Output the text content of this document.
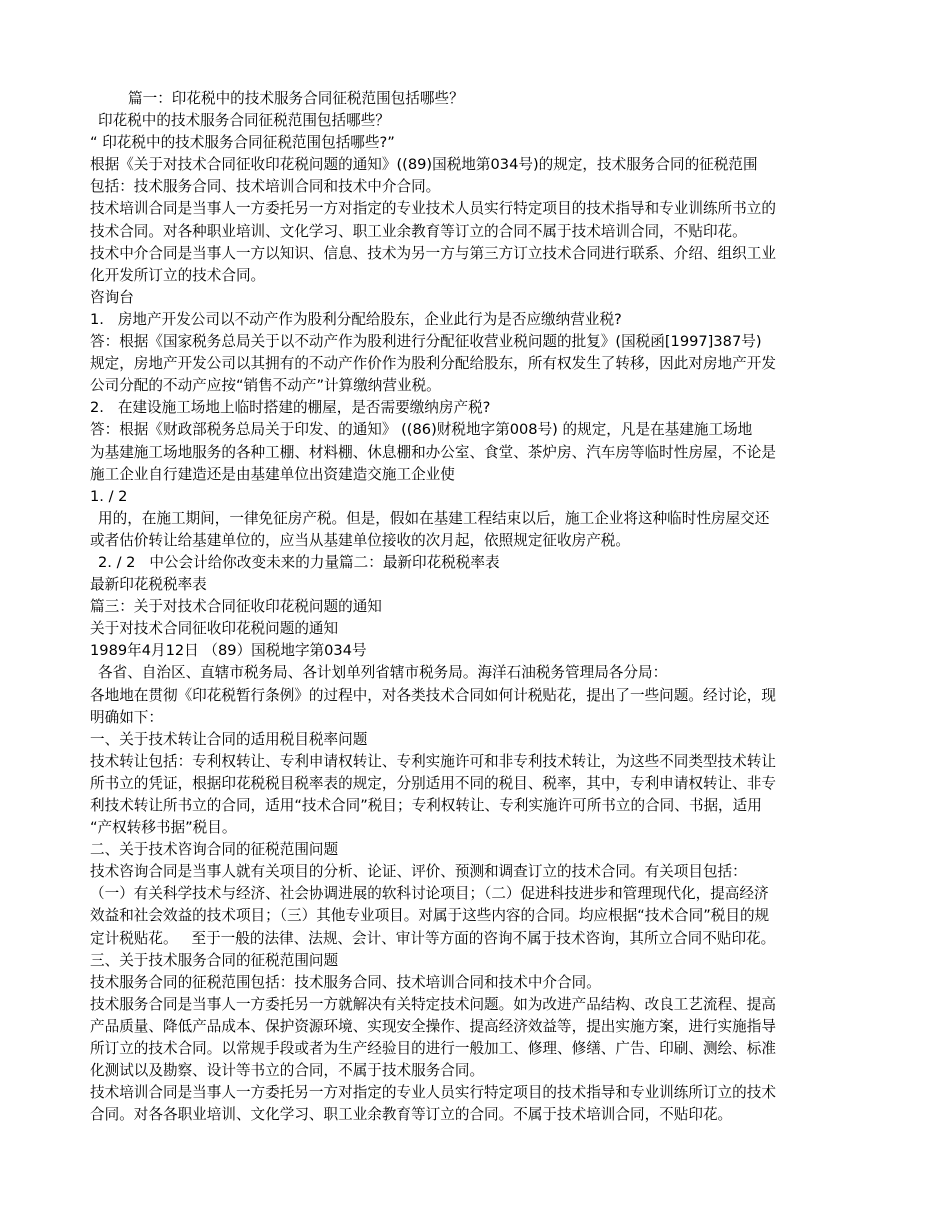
篇一：印花税中的技术服务合同征税范围包括哪些？
印花税中的技术服务合同征税范围包括哪些？
“ 印花税中的技术服务合同征税范围包括哪些?”
根据《关于对技术合同征收印花税问题的通知》((89)国税地第034号)的规定，技术服务合同的征税范围
包括：技术服务合同、技术培训合同和技术中介合同。
技术培训合同是当事人一方委托另一方对指定的专业技术人员实行特定项目的技术指导和专业训练所书立的
技术合同。对各种职业培训、文化学习、职工业余教育等订立的合同不属于技术培训合同，不贴印花。
技术中介合同是当事人一方以知识、信息、技术为另一方与第三方订立技术合同进行联系、介绍、组织工业
化开发所订立的技术合同。
咨询台
1.   房地产开发公司以不动产作为股利分配给股东，企业此行为是否应缴纳营业税?
答：根据《国家税务总局关于以不动产作为股利进行分配征收营业税问题的批复》(国税函[1997]387号)
规定，房地产开发公司以其拥有的不动产作价作为股利分配给股东，所有权发生了转移，因此对房地产开发
公司分配的不动产应按“销售不动产”计算缴纳营业税。
2.   在建设施工场地上临时搭建的棚屋，是否需要缴纳房产税?
答：根据《财政部税务总局关于印发、的通知》 ((86)财税地字第008号) 的规定，凡是在基建施工场地
为基建施工场地服务的各种工棚、材料棚、休息棚和办公室、食堂、茶炉房、汽车房等临时性房屋，不论是
施工企业自行建造还是由基建单位出资建造交施工企业使
1. / 2
用的，在施工期间，一律免征房产税。但是，假如在基建工程结束以后，施工企业将这种临时性房屋交还
或者估价转让给基建单位的，应当从基建单位接收的次月起，依照规定征收房产税。
2. / 2   中公会计给你改变未来的力量篇二：最新印花税税率表
最新印花税税率表
篇三：关于对技术合同征收印花税问题的通知
关于对技术合同征收印花税问题的通知
1989年4月12日 （89）国税地字第034号
各省、自治区、直辖市税务局、各计划单列省辖市税务局。海洋石油税务管理局各分局：
各地地在贯彻《印花税暂行条例》的过程中，对各类技术合同如何计税贴花，提出了一些问题。经讨论，现
明确如下：
一、关于技术转让合同的适用税目税率问题
技术转让包括：专利权转让、专利申请权转让、专利实施许可和非专利技术转让，为这些不同类型技术转让
所书立的凭证，根据印花税税目税率表的规定，分别适用不同的税目、税率，其中，专利申请权转让、非专
利技术转让所书立的合同，适用“技术合同”税目；专利权转让、专利实施许可所书立的合同、书据，适用
“产权转移书据”税目。
二、关于技术咨询合同的征税范围问题
技术咨询合同是当事人就有关项目的分析、论证、评价、预测和调查订立的技术合同。有关项目包括：
（一）有关科学技术与经济、社会协调进展的软科讨论项目；（二）促进科技进步和管理现代化，提高经济
效益和社会效益的技术项目；（三）其他专业项目。对属于这些内容的合同。均应根据“技术合同”税目的规
定计税贴花。   至于一般的法律、法规、会计、审计等方面的咨询不属于技术咨询，其所立合同不贴印花。
三、关于技术服务合同的征税范围问题
技术服务合同的征税范围包括：技术服务合同、技术培训合同和技术中介合同。
技术服务合同是当事人一方委托另一方就解决有关特定技术问题。如为改进产品结构、改良工艺流程、提高
产品质量、降低产品成本、保护资源环境、实现安全操作、提高经济效益等，提出实施方案，进行实施指导
所订立的技术合同。以常规手段或者为生产经验目的进行一般加工、修理、修缮、广告、印刷、测绘、标准
化测试以及勘察、设计等书立的合同，不属于技术服务合同。
技术培训合同是当事人一方委托另一方对指定的专业人员实行特定项目的技术指导和专业训练所订立的技术
合同。对各各职业培训、文化学习、职工业余教育等订立的合同。不属于技术培训合同，不贴印花。
